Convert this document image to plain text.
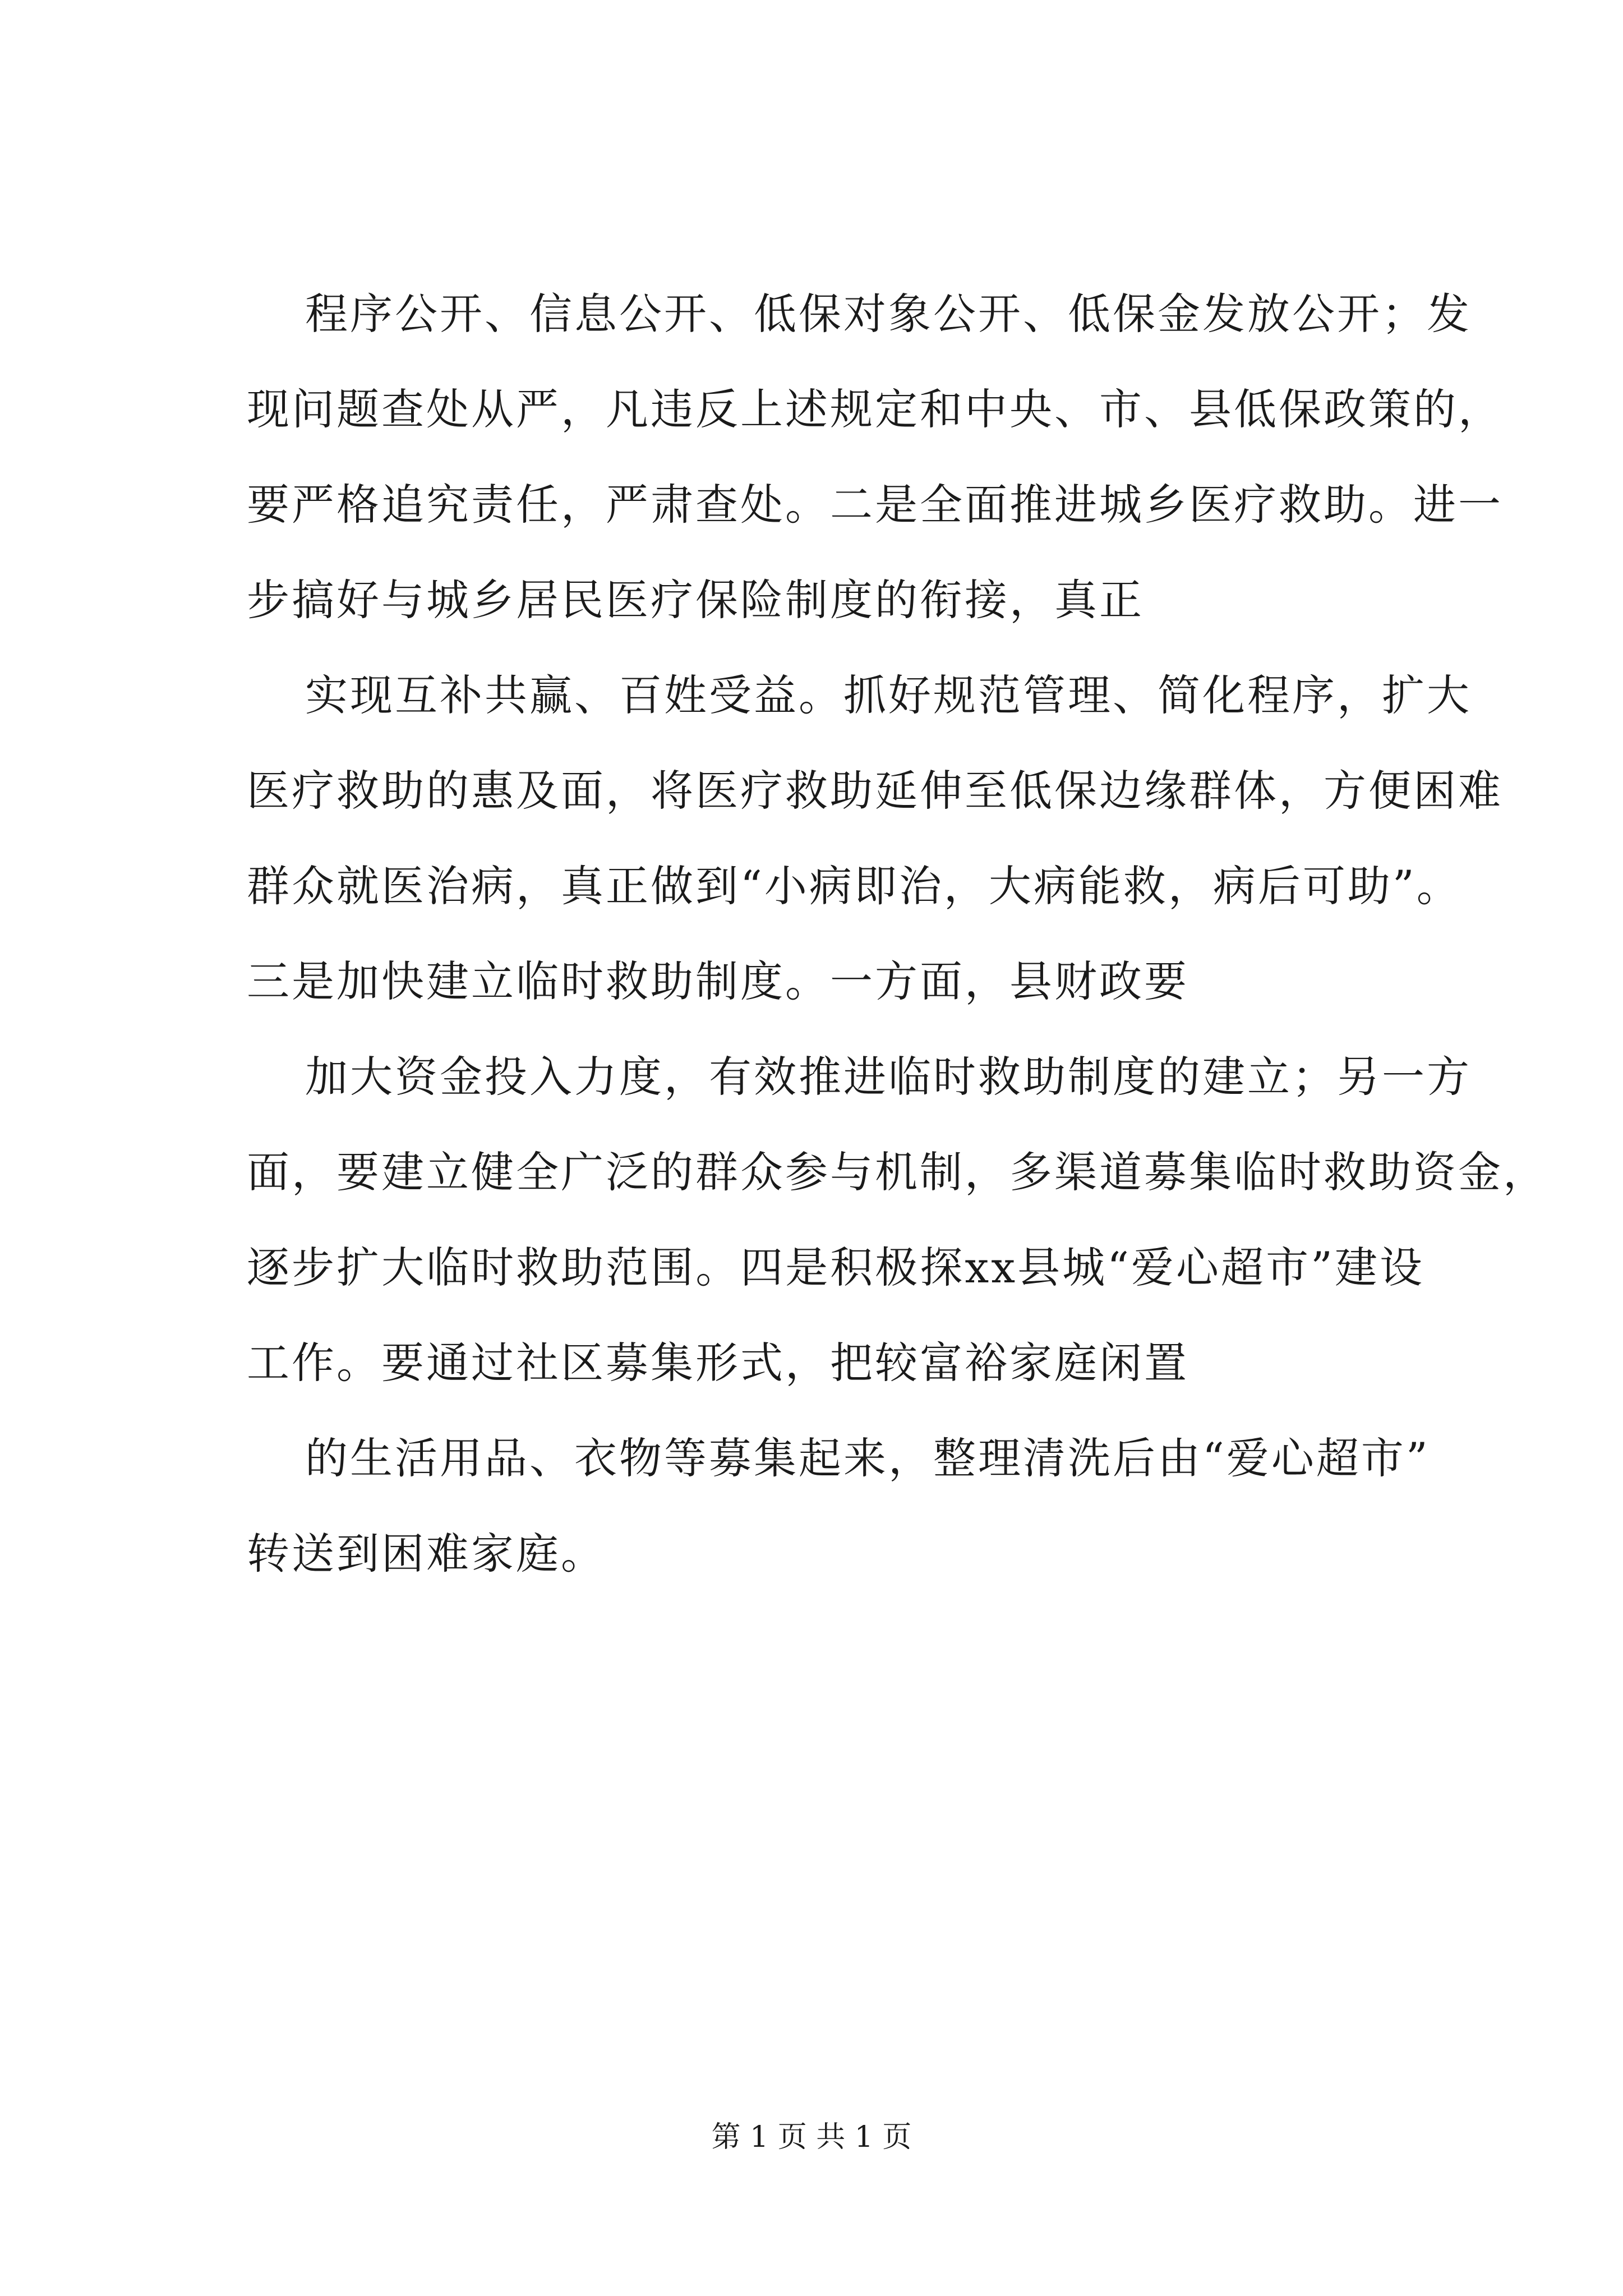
程序公开、信息公开、低保对象公开、低保金发放公开；发
现问题查处从严，凡违反上述规定和中央、市、县低保政策的，
要严格追究责任，严肃查处。二是全面推进城乡医疗救助。进一
步搞好与城乡居民医疗保险制度的衔接，真正
实现互补共赢、百姓受益。抓好规范管理、简化程序，扩大
医疗救助的惠及面，将医疗救助延伸至低保边缘群体，方便困难
群众就医治病，真正做到“小病即治，大病能救，病后可助”。
三是加快建立临时救助制度。一方面，县财政要
加大资金投入力度，有效推进临时救助制度的建立；另一方
面，要建立健全广泛的群众参与机制，多渠道募集临时救助资金，
逐步扩大临时救助范围。四是积极探xx县城“爱心超市”建设
工作。要通过社区募集形式，把较富裕家庭闲置
的生活用品、衣物等募集起来，整理清洗后由“爱心超市”
转送到困难家庭。
第 1 页 共 1 页
